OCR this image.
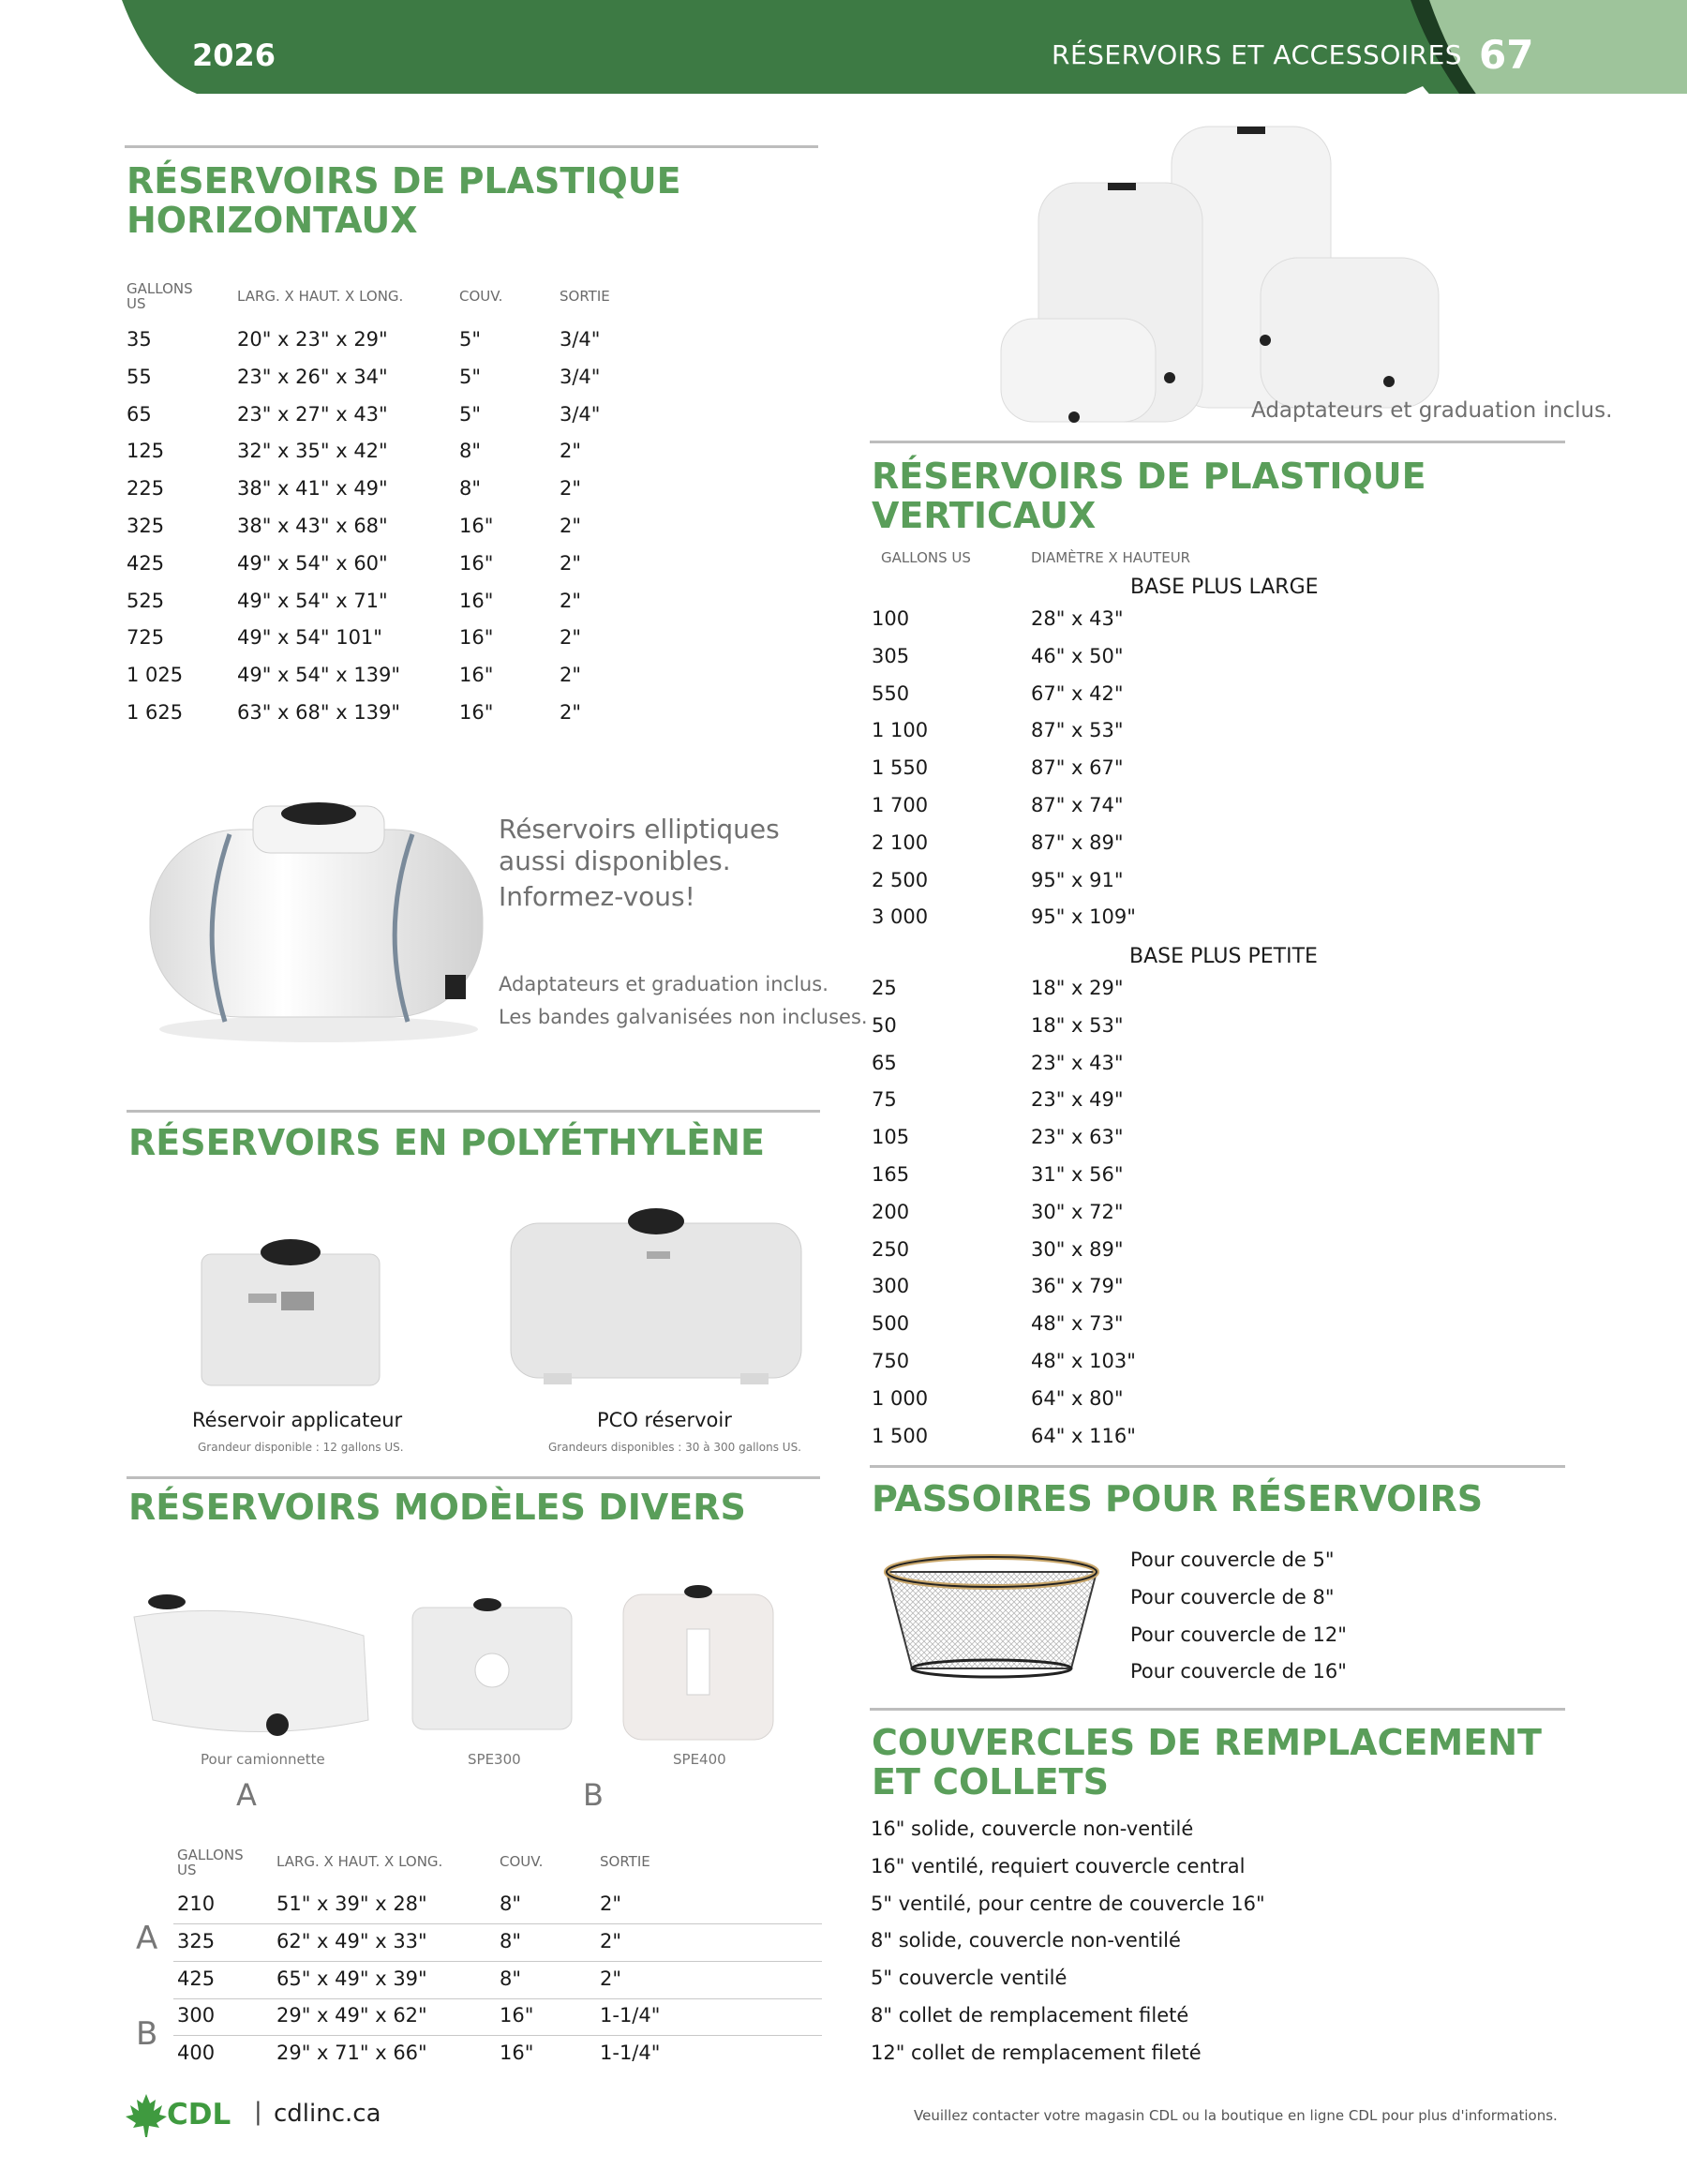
2026	RÉSERVOIRS ET ACCESSOIRES 67
RÉSERVOIRS DE PLASTIQUE
HORIZONTAUX
GALLONS
US	LARG. X HAUT. X LONG.	COUV.	SORTIE
35	20" x 23" x 29"	5"	3/4"
55	23" x 26" x 34"	5"	3/4"
65	23" x 27" x 43"	5"	3/4"
125	32" x 35" x 42"	8"	2"
225	38" x 41" x 49"	8"	2"
325	38" x 43" x 68"	16"	2"
425	49" x 54" x 60"	16"	2"
525	49" x 54" x 71"	16"	2"
725	49" x 54" 101"	16"	2"
1 025	49" x 54" x 139"	16"	2"
1 625	63" x 68" x 139"	16"	2"
Réservoirs elliptiques
aussi disponibles.
Informez-vous!
Adaptateurs et graduation inclus.
Les bandes galvanisées non incluses.
RÉSERVOIRS EN POLYÉTHYLÈNE
Réservoir applicateur
Grandeur disponible : 12 gallons US.
PCO réservoir
Grandeurs disponibles : 30 à 300 gallons US.
RÉSERVOIRS MODÈLES DIVERS
Pour camionnette	SPE300	SPE400
A	B
GALLONS
US	LARG. X HAUT. X LONG.	COUV.	SORTIE
A
B
210	51" x 39" x 28"	8"	2"
325	62" x 49" x 33"	8"	2"
425	65" x 49" x 39"	8"	2"
300	29" x 49" x 62"	16"	1-1/4"
400	29" x 71" x 66"	16"	1-1/4"
Adaptateurs et graduation inclus.
RÉSERVOIRS DE PLASTIQUE
VERTICAUX
GALLONS US	DIAMÈTRE X HAUTEUR
BASE PLUS LARGE
100	28" x 43"
305	46" x 50"
550	67" x 42"
1 100	87" x 53"
1 550	87" x 67"
1 700	87" x 74"
2 100	87" x 89"
2 500	95" x 91"
3 000	95" x 109"
BASE PLUS PETITE
25	18" x 29"
50	18" x 53"
65	23" x 43"
75	23" x 49"
105	23" x 63"
165	31" x 56"
200	30" x 72"
250	30" x 89"
300	36" x 79"
500	48" x 73"
750	48" x 103"
1 000	64" x 80"
1 500	64" x 116"
PASSOIRES POUR RÉSERVOIRS
Pour couvercle de 5"
Pour couvercle de 8"
Pour couvercle de 12"
Pour couvercle de 16"
COUVERCLES DE REMPLACEMENT
ET COLLETS
16" solide, couvercle non-ventilé
16" ventilé, requiert couvercle central
5" ventilé, pour centre de couvercle 16"
8" solide, couvercle non-ventilé
5" couvercle ventilé
8" collet de remplacement fileté
12" collet de remplacement fileté
CDL | cdlinc.ca	Veuillez contacter votre magasin CDL ou la boutique en ligne CDL pour plus d'informations.
